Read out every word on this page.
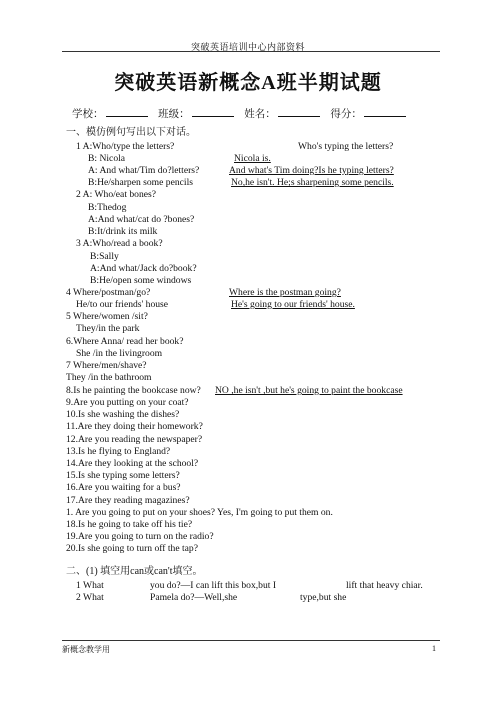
突破英语培训中心内部资料
突破英语新概念A班半期试题
学校：	班级：	姓名：	得分：
一、模仿例句写出以下对话。
1 A:Who/type the letters?	Who's typing the letters?
B: Nicola	Nicola is.
A: And what/Tim do?letters?	And what's Tim doing?Is he typing letters?
B:He/sharpen some pencils	No,he isn't. He;s sharpening some pencils.
2 A: Who/eat bones?
B:Thedog
A:And what/cat do ?bones?
B:It/drink its milk
3 A:Who/read a book?
B:Sally
A:And what/Jack do?book?
B:He/open some windows
4 Where/postman/go?	Where is the postman going?
He/to our friends' house	He's going to our friends' house.
5 Where/women /sit?
They/in the park
6.Where Anna/ read her book?
She /in the livingroom
7 Where/men/shave?
They /in the bathroom
8.Is he painting the bookcase now? NO ,he isn't ,but he's going to paint the bookcase
9.Are you putting on your coat?
10.Is she washing the dishes?
11.Are they doing their homework?
12.Are you reading the newspaper?
13.Is he flying to England?
14.Are they looking at the school?
15.Is she typing some letters?
16.Are you waiting for a bus?
17.Are they reading magazines?
1. Are you going to put on your shoes? Yes, I'm going to put them on.
18.Is he going to take off his tie?
19.Are you going to turn on the radio?
20.Is she going to turn off the tap?
二、(1) 填空用can或can't填空。
1 What	you do?—I can lift this box,but I	lift that heavy chiar.
2 What	Pamela do?—Well,she	type,but she
新概念教学用	1
